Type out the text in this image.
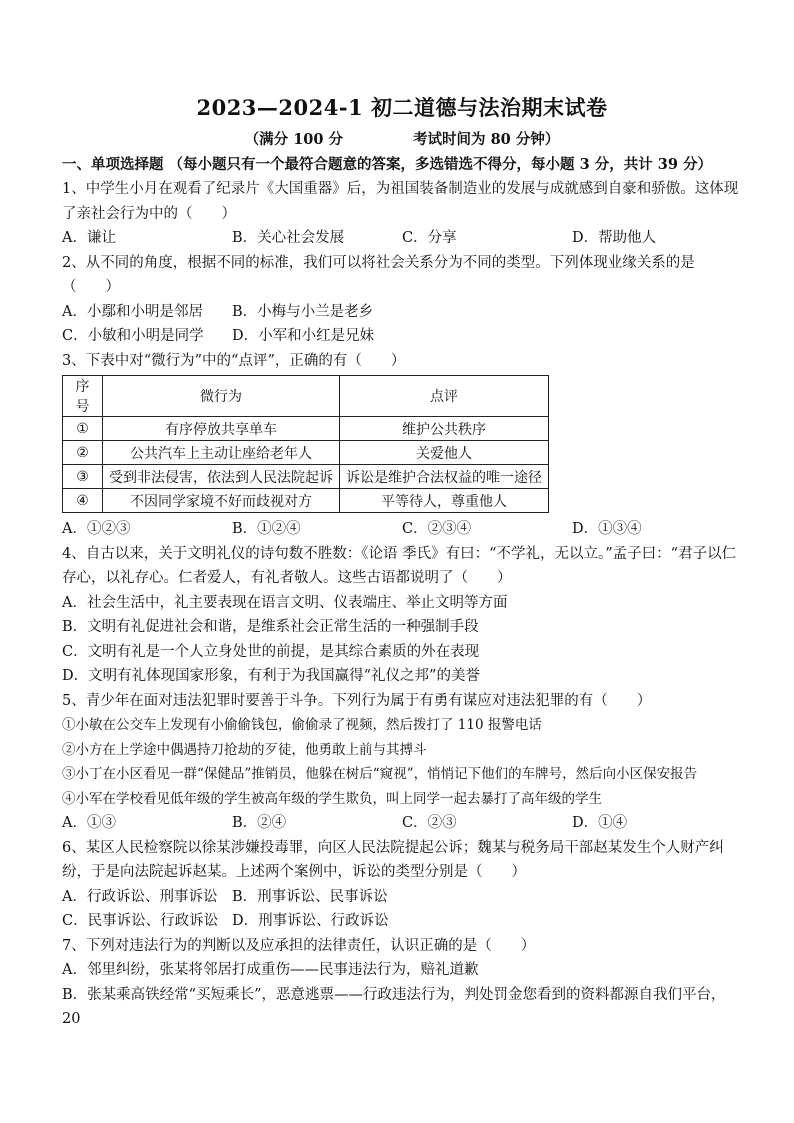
2023—2024-1 初二道德与法治期末试卷
（满分 100 分	考试时间为 80 分钟）
一、单项选择题 （每小题只有一个最符合题意的答案，多选错选不得分，每小题 3 分，共计 39 分）
1、中学生小月在观看了纪录片《大国重器》后，为祖国装备制造业的发展与成就感到自豪和骄傲。这体现了亲社会行为中的（　　）
A．谦让	B．关心社会发展	C．分享	D．帮助他人
2、从不同的角度，根据不同的标准，我们可以将社会关系分为不同的类型。下列体现业缘关系的是（　　）
A．小鄢和小明是邻居	B．小梅与小兰是老乡
C．小敏和小明是同学	D．小军和小红是兄妹
3、下表中对“微行为”中的“点评”，正确的有（　　）
序号	微行为	点评
①	有序停放共享单车	维护公共秩序
②	公共汽车上主动让座给老年人	关爱他人
③	受到非法侵害，依法到人民法院起诉	诉讼是维护合法权益的唯一途径
④	不因同学家境不好而歧视对方	平等待人，尊重他人
A．①②③	B．①②④	C．②③④	D．①③④
4、自古以来，关于文明礼仪的诗句数不胜数：《论语 季氏》有曰：“不学礼，无以立。”孟子曰：“君子以仁存心，以礼存心。仁者爱人，有礼者敬人。这些古语都说明了（　　）
A．社会生活中，礼主要表现在语言文明、仪表端庄、举止文明等方面
B．文明有礼促进社会和谐，是维系社会正常生活的一种强制手段
C．文明有礼是一个人立身处世的前提，是其综合素质的外在表现
D．文明有礼体现国家形象，有利于为我国赢得“礼仪之邦”的美誉
5、青少年在面对违法犯罪时要善于斗争。下列行为属于有勇有谋应对违法犯罪的有（　　）
①小敏在公交车上发现有小偷偷钱包，偷偷录了视频，然后拨打了 110 报警电话
②小方在上学途中偶遇持刀抢劫的歹徒，他勇敢上前与其搏斗
③小丁在小区看见一群“保健品”推销员，他躲在树后“窥视”，悄悄记下他们的车牌号，然后向小区保安报告
④小军在学校看见低年级的学生被高年级的学生欺负，叫上同学一起去暴打了高年级的学生
A．①③	B．②④	C．②③	D．①④
6、某区人民检察院以徐某涉嫌投毒罪，向区人民法院提起公诉；魏某与税务局干部赵某发生个人财产纠纷，于是向法院起诉赵某。上述两个案例中，诉讼的类型分别是（　　）
A．行政诉讼、刑事诉讼	B．刑事诉讼、民事诉讼
C．民事诉讼、行政诉讼 D．刑事诉讼、行政诉讼
7、下列对违法行为的判断以及应承担的法律责任，认识正确的是（　　）
A．邻里纠纷，张某将邻居打成重伤——民事违法行为，赔礼道歉
B．张某乘高铁经常“买短乘长”，恶意逃票——行政违法行为，判处罚金您看到的资料都源自我们平台，20
